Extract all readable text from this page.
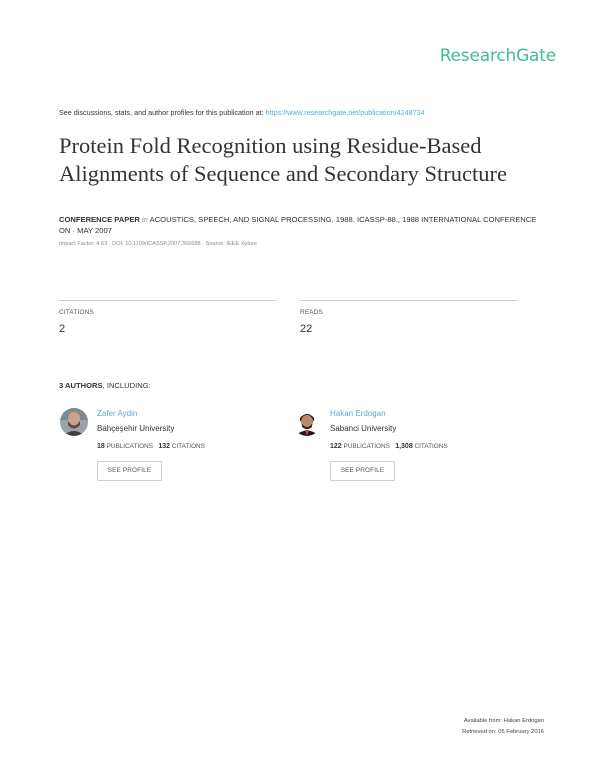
ResearchGate
See discussions, stats, and author profiles for this publication at: https://www.researchgate.net/publication/4248734
Protein Fold Recognition using Residue-Based Alignments of Sequence and Secondary Structure
CONFERENCE PAPER in ACOUSTICS, SPEECH, AND SIGNAL PROCESSING, 1988. ICASSP-88., 1988 INTERNATIONAL CONFERENCE ON · MAY 2007
Impact Factor: 4.63 · DOI: 10.1109/ICASSP.2007.366688 · Source: IEEE Xplore
CITATIONS
2
READS
22
3 AUTHORS, INCLUDING:
Zafer Aydin
Bahçeşehir University
18 PUBLICATIONS 132 CITATIONS
SEE PROFILE
Hakan Erdogan
Sabanci University
122 PUBLICATIONS 1,308 CITATIONS
SEE PROFILE
Available from: Hakan Erdogan
Retrieved on: 05 February 2016
